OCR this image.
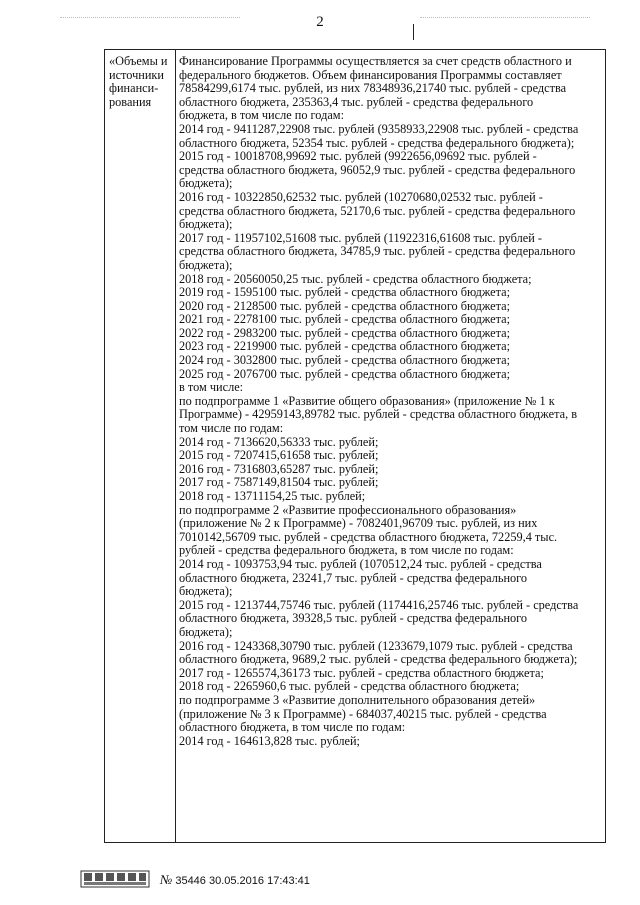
2
«Объемы и
источники
финанси-
рования
Финансирование Программы осуществляется за счет средств областного и
федерального бюджетов. Объем финансирования Программы составляет
78584299,6174 тыс. рублей, из них 78348936,21740 тыс. рублей - средства
областного бюджета, 235363,4 тыс. рублей - средства федерального
бюджета, в том числе по годам:
2014 год - 9411287,22908 тыс. рублей (9358933,22908 тыс. рублей - средства
областного бюджета, 52354 тыс. рублей - средства федерального бюджета);
2015 год - 10018708,99692 тыс. рублей (9922656,09692 тыс. рублей -
средства областного бюджета, 96052,9 тыс. рублей - средства федерального
бюджета);
2016 год - 10322850,62532 тыс. рублей (10270680,02532 тыс. рублей -
средства областного бюджета, 52170,6 тыс. рублей - средства федерального
бюджета);
2017 год - 11957102,51608 тыс. рублей (11922316,61608 тыс. рублей -
средства областного бюджета, 34785,9 тыс. рублей - средства федерального
бюджета);
2018 год - 20560050,25 тыс. рублей - средства областного бюджета;
2019 год - 1595100 тыс. рублей - средства областного бюджета;
2020 год - 2128500 тыс. рублей - средства областного бюджета;
2021 год - 2278100 тыс. рублей - средства областного бюджета;
2022 год - 2983200 тыс. рублей - средства областного бюджета;
2023 год - 2219900 тыс. рублей - средства областного бюджета;
2024 год - 3032800 тыс. рублей - средства областного бюджета;
2025 год - 2076700 тыс. рублей - средства областного бюджета;
в том числе:
по подпрограмме 1 «Развитие общего образования» (приложение № 1 к
Программе) - 42959143,89782 тыс. рублей - средства областного бюджета, в
том числе по годам:
2014 год - 7136620,56333 тыс. рублей;
2015 год - 7207415,61658 тыс. рублей;
2016 год - 7316803,65287 тыс. рублей;
2017 год - 7587149,81504 тыс. рублей;
2018 год - 13711154,25 тыс. рублей;
по подпрограмме 2 «Развитие профессионального образования»
(приложение № 2 к Программе) - 7082401,96709 тыс. рублей, из них
7010142,56709 тыс. рублей - средства областного бюджета, 72259,4 тыс.
рублей - средства федерального бюджета, в том числе по годам:
2014 год - 1093753,94 тыс. рублей (1070512,24 тыс. рублей - средства
областного бюджета, 23241,7 тыс. рублей - средства федерального
бюджета);
2015 год - 1213744,75746 тыс. рублей (1174416,25746 тыс. рублей - средства
областного бюджета, 39328,5 тыс. рублей - средства федерального
бюджета);
2016 год - 1243368,30790 тыс. рублей (1233679,1079 тыс. рублей - средства
областного бюджета, 9689,2 тыс. рублей - средства федерального бюджета);
2017 год - 1265574,36173 тыс. рублей - средства областного бюджета;
2018 год - 2265960,6 тыс. рублей - средства областного бюджета;
по подпрограмме 3 «Развитие дополнительного образования детей»
(приложение № 3 к Программе) - 684037,40215 тыс. рублей - средства
областного бюджета, в том числе по годам:
2014 год - 164613,828 тыс. рублей;
№ 35446 30.05.2016 17:43:41
